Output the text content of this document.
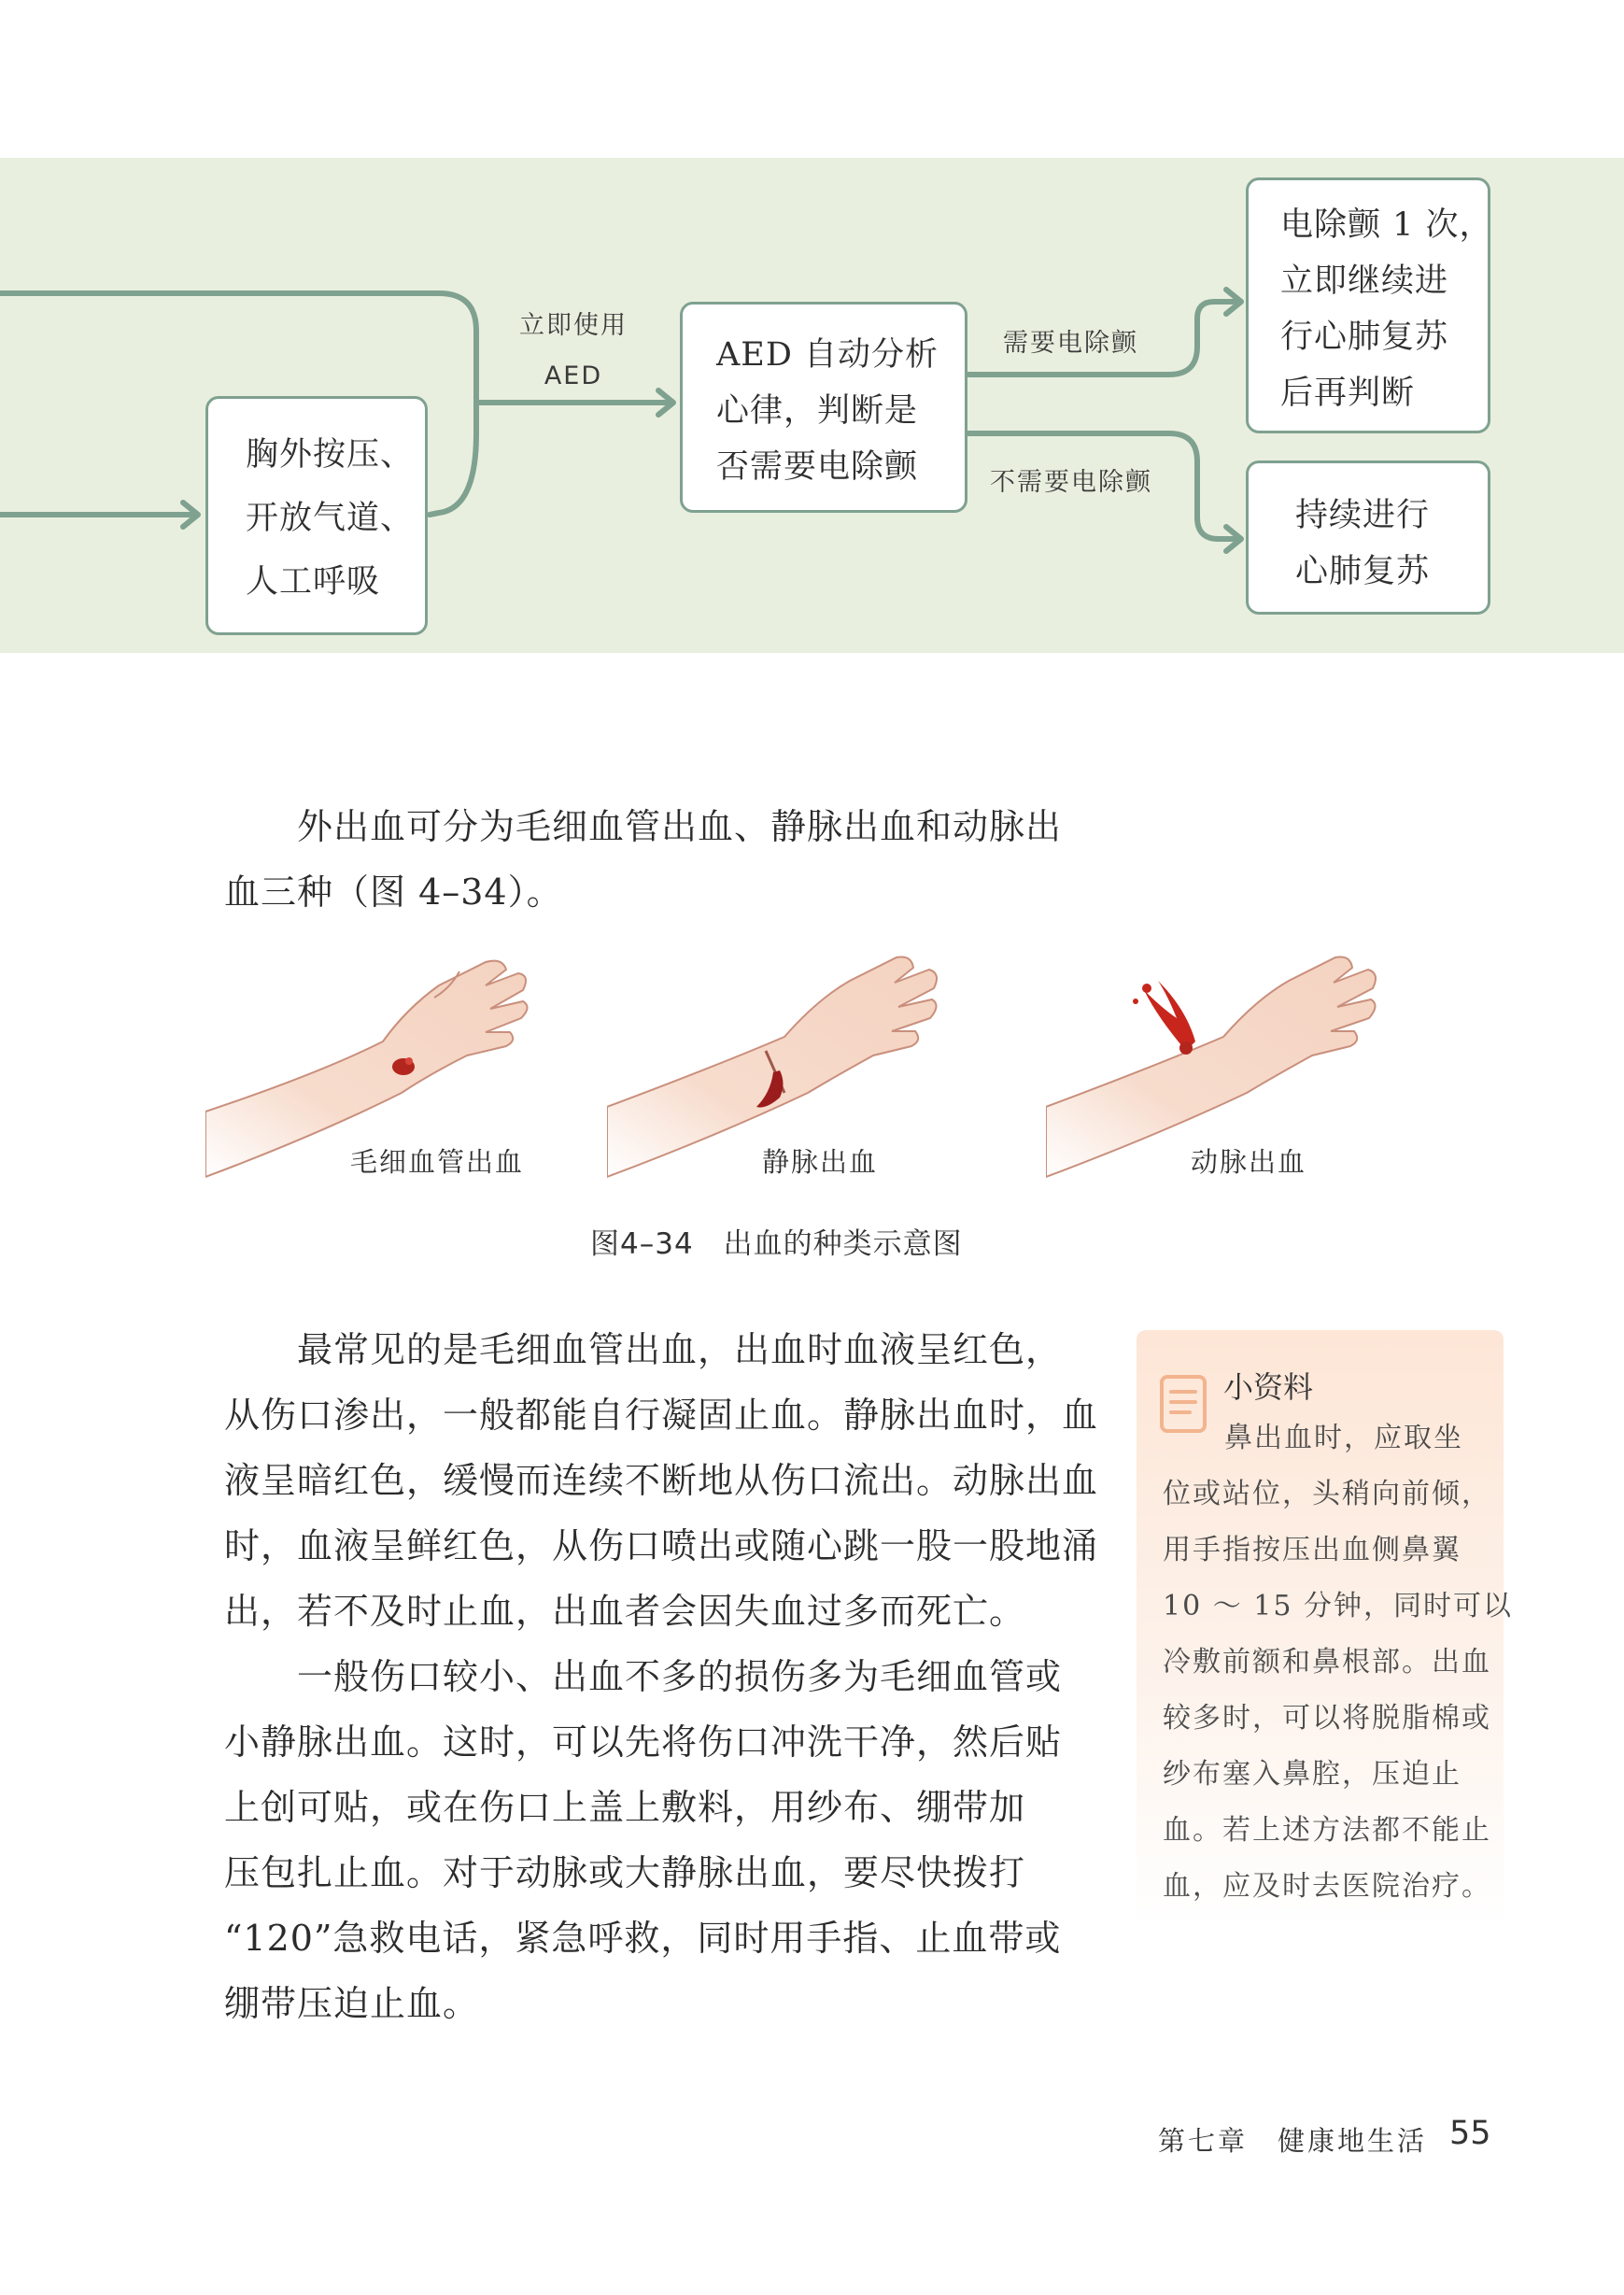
胸外按压、
开放气道、
人工呼吸
立即使用
AED
AED 自动分析
心律，判断是
否需要电除颤
需要电除颤
不需要电除颤
电除颤 1 次，
立即继续进
行心肺复苏
后再判断
持续进行
心肺复苏
外出血可分为毛细血管出血、静脉出血和动脉出
血三种（图 4–34）。
毛细血管出血	静脉出血	动脉出血
图4–34　出血的种类示意图
最常见的是毛细血管出血，出血时血液呈红色，
从伤口渗出，一般都能自行凝固止血。静脉出血时，血
液呈暗红色，缓慢而连续不断地从伤口流出。动脉出血
时，血液呈鲜红色，从伤口喷出或随心跳一股一股地涌
出，若不及时止血，出血者会因失血过多而死亡。
一般伤口较小、出血不多的损伤多为毛细血管或
小静脉出血。这时，可以先将伤口冲洗干净，然后贴
上创可贴，或在伤口上盖上敷料，用纱布、绷带加
压包扎止血。对于动脉或大静脉出血，要尽快拨打
“120”急救电话，紧急呼救，同时用手指、止血带或
绷带压迫止血。
小资料
鼻出血时，应取坐
位或站位，头稍向前倾，
用手指按压出血侧鼻翼
10 ～ 15 分钟，同时可以
冷敷前额和鼻根部。出血
较多时，可以将脱脂棉或
纱布塞入鼻腔，压迫止
血。若上述方法都不能止
血，应及时去医院治疗。
第七章　健康地生活 55
